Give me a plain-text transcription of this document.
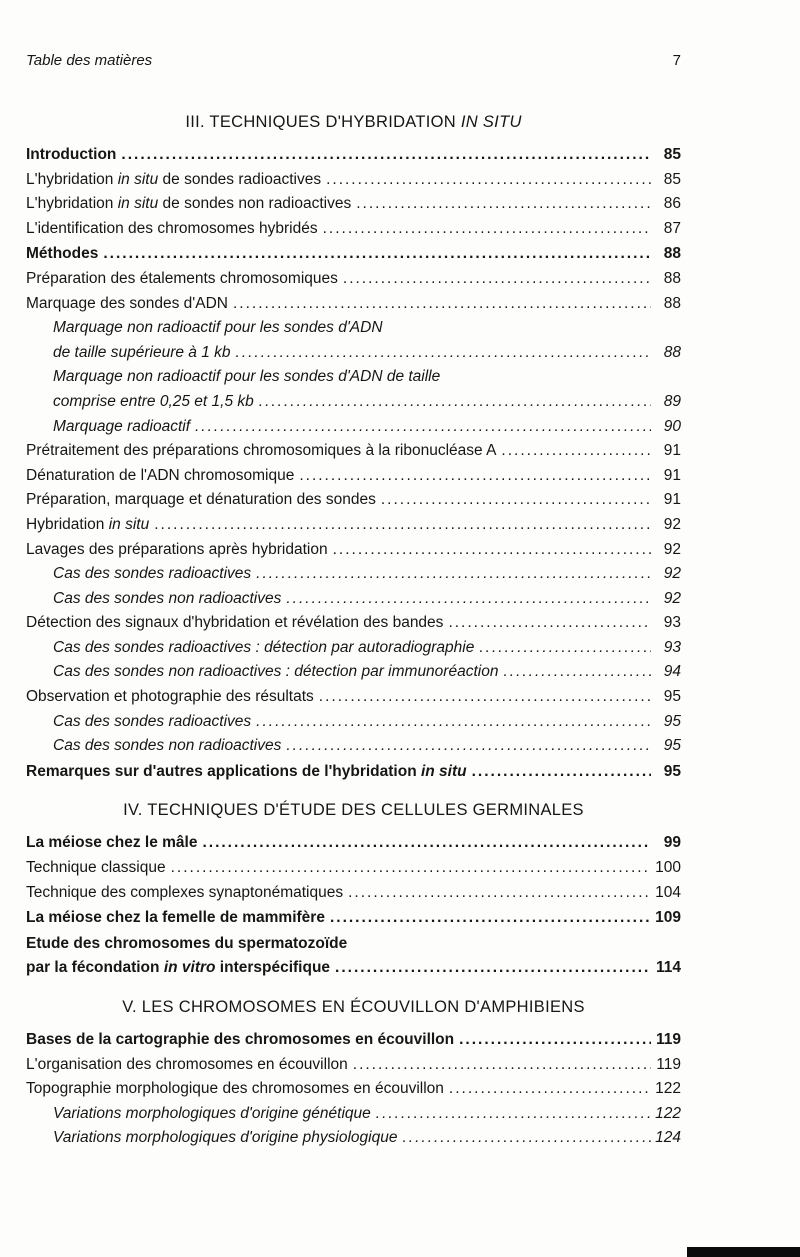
Table des matières	7
III. TECHNIQUES D'HYBRIDATION IN SITU
Introduction .....	85
L'hybridation in situ de sondes radioactives .....	85
L'hybridation in situ de sondes non radioactives .....	86
L'identification des chromosomes hybridés .....	87
Méthodes .....	88
Préparation des étalements chromosomiques .....	88
Marquage des sondes d'ADN .....	88
Marquage non radioactif pour les sondes d'ADN
de taille supérieure à 1 kb .....	88
Marquage non radioactif pour les sondes d'ADN de taille
comprise entre 0,25 et 1,5 kb .....	89
Marquage radioactif .....	90
Prétraitement des préparations chromosomiques à la ribonucléase A .....	91
Dénaturation de l'ADN chromosomique .....	91
Préparation, marquage et dénaturation des sondes .....	91
Hybridation in situ .....	92
Lavages des préparations après hybridation .....	92
Cas des sondes radioactives .....	92
Cas des sondes non radioactives .....	92
Détection des signaux d'hybridation et révélation des bandes .....	93
Cas des sondes radioactives : détection par autoradiographie .....	93
Cas des sondes non radioactives : détection par immunoréaction .....	94
Observation et photographie des résultats .....	95
Cas des sondes radioactives .....	95
Cas des sondes non radioactives .....	95
Remarques sur d'autres applications de l'hybridation in situ .....	95
IV. TECHNIQUES D'ÉTUDE DES CELLULES GERMINALES
La méiose chez le mâle .....	99
Technique classique .....	100
Technique des complexes synaptonématiques .....	104
La méiose chez la femelle de mammifère .....	109
Etude des chromosomes du spermatozoïde
par la fécondation in vitro interspécifique .....	114
V. LES CHROMOSOMES EN ÉCOUVILLON D'AMPHIBIENS
Bases de la cartographie des chromosomes en écouvillon .....	119
L'organisation des chromosomes en écouvillon .....	119
Topographie morphologique des chromosomes en écouvillon .....	122
Variations morphologiques d'origine génétique .....	122
Variations morphologiques d'origine physiologique .....	124
